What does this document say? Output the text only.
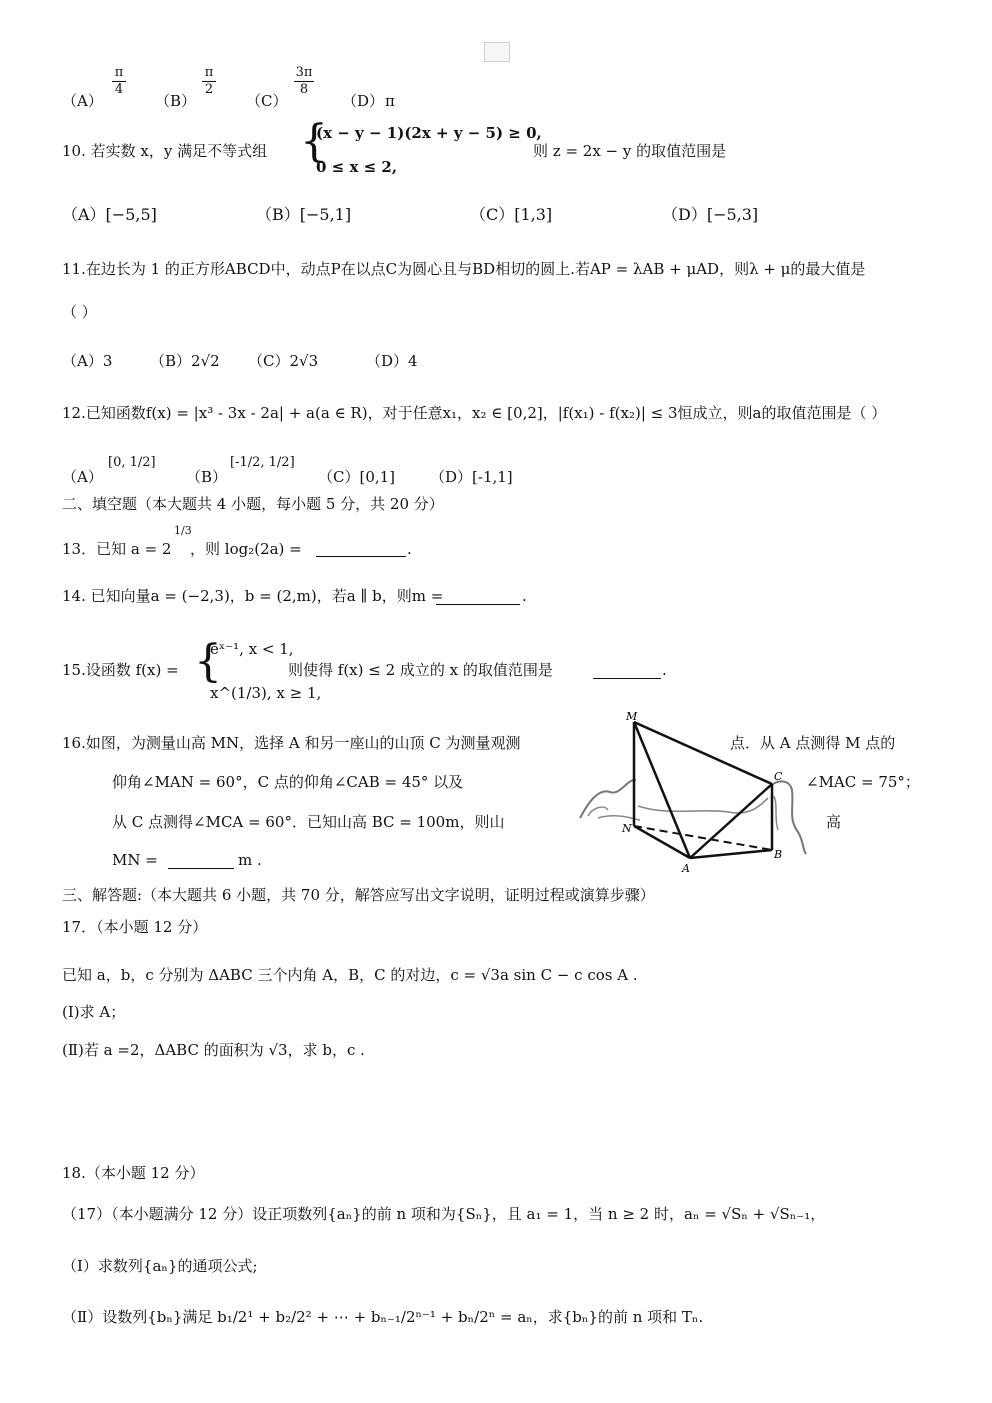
（A）
π
4
（B）
π
2
（C）
3π
8
（D） π
10. 若实数 x，y 满足不等式组 {
(x − y − 1)(2x + y − 5) ≥ 0,
0 ≤ x ≤ 2,
则 z = 2x − y 的取值范围是
（A）[−5,5]	（B）[−5,1]	（C）[1,3]	（D）[−5,3]
11.在边长为 1 的正方形ABCD中，动点P在以点C为圆心且与BD相切的圆上.若AP = λAB + μAD，则λ + μ的最大值是
（ ）
（A）3	（B）2√2 （C）2√3	（D）4
12.已知函数f(x) = |x³ - 3x - 2a| + a(a ∈ R)，对于任意x₁，x₂ ∈ [0,2]，|f(x₁) - f(x₂)| ≤ 3恒成立，则a的取值范围是（ ）
（A）
[0, 1/2]
（B）
[-1/2, 1/2]
（C）[0,1] （D）[-1,1]
二、填空题（本大题共 4 小题，每小题 5 分，共 20 分）
13．已知 a = 2
1/3
，则 log₂(2a) =	.
14. 已知向量a = (−2,3)，b = (2,m)，若a ∥ b，则m =	.
15.设函数 f(x) = {
eˣ⁻¹, x < 1,
x^(1/3), x ≥ 1,
则使得 f(x) ≤ 2 成立的 x 的取值范围是	.
16.如图，为测量山高 MN，选择 A 和另一座山的山顶 C 为测量观测	点．从 A 点测得 M 点的
仰角∠MAN = 60°，C 点的仰角∠CAB = 45° 以及	∠MAC = 75°；
从 C 点测得∠MCA = 60°．已知山高 BC = 100m，则山	高
MN =	m .
M
N
A
B
C
三、解答题:（本大题共 6 小题，共 70 分，解答应写出文字说明，证明过程或演算步骤）
17．（本小题 12 分）
已知 a，b，c 分别为 ΔABC 三个内角 A，B，C 的对边，c = √3a sin C − c cos A .
(Ⅰ)求 A；
(Ⅱ)若 a =2，ΔABC 的面积为 √3，求 b，c .
18.（本小题 12 分）
（17）（本小题满分 12 分）设正项数列{aₙ}的前 n 项和为{Sₙ}，且 a₁ = 1，当 n ≥ 2 时，aₙ = √Sₙ + √Sₙ₋₁，
（Ⅰ）求数列{aₙ}的通项公式;
（Ⅱ）设数列{bₙ}满足 b₁/2¹ + b₂/2² + ⋯ + bₙ₋₁/2ⁿ⁻¹ + bₙ/2ⁿ = aₙ，求{bₙ}的前 n 项和 Tₙ.
